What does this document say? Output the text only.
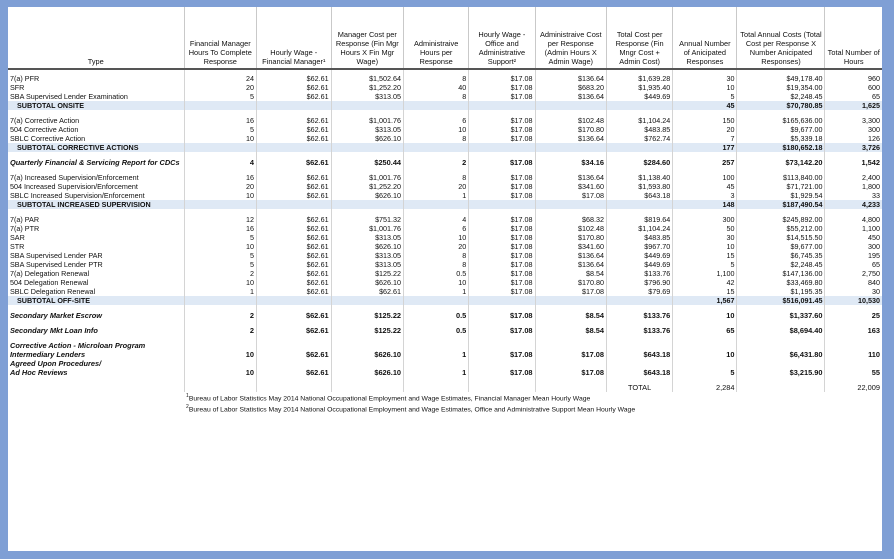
Type	Financial Manager Hours To Complete Response	Hourly Wage - Financial Manager¹	Manager Cost per Response (Fin Mgr Hours X Fin Mgr Wage)	Administraive Hours per Response	Hourly Wage - Office and Administrative Support²	Administraive Cost per Response (Admin Hours X Admin Wage)	Total Cost per Response (Fin Mngr Cost + Admin Cost)	Annual Number of Anicipated Responses	Total Annual Costs (Total Cost per Response X Number Anicipated Responses)	Total Number of Hours

7(a) PFR	24	$62.61	$1,502.64	8	$17.08	$136.64	$1,639.28	30	$49,178.40	960
SFR	20	$62.61	$1,252.20	40	$17.08	$683.20	$1,935.40	10	$19,354.00	600
SBA Supervised Lender Examination	5	$62.61	$313.05	8	$17.08	$136.64	$449.69	5	$2,248.45	65
SUBTOTAL ONSITE								45	$70,780.85	1,625

7(a) Corrective Action	16	$62.61	$1,001.76	6	$17.08	$102.48	$1,104.24	150	$165,636.00	3,300
504 Corrective Action	5	$62.61	$313.05	10	$17.08	$170.80	$483.85	20	$9,677.00	300
SBLC Corrective Action	10	$62.61	$626.10	8	$17.08	$136.64	$762.74	7	$5,339.18	126
SUBTOTAL CORRECTIVE ACTIONS								177	$180,652.18	3,726

Quarterly Financial & Servicing Report for CDCs	4	$62.61	$250.44	2	$17.08	$34.16	$284.60	257	$73,142.20	1,542

7(a) Increased Supervision/Enforcement	16	$62.61	$1,001.76	8	$17.08	$136.64	$1,138.40	100	$113,840.00	2,400
504 Increased Supervision/Enforcement	20	$62.61	$1,252.20	20	$17.08	$341.60	$1,593.80	45	$71,721.00	1,800
SBLC Increased Supervision/Enforcement	10	$62.61	$626.10	1	$17.08	$17.08	$643.18	3	$1,929.54	33
SUBTOTAL INCREASED SUPERVISION								148	$187,490.54	4,233

7(a) PAR	12	$62.61	$751.32	4	$17.08	$68.32	$819.64	300	$245,892.00	4,800
7(a) PTR	16	$62.61	$1,001.76	6	$17.08	$102.48	$1,104.24	50	$55,212.00	1,100
SAR	5	$62.61	$313.05	10	$17.08	$170.80	$483.85	30	$14,515.50	450
STR	10	$62.61	$626.10	20	$17.08	$341.60	$967.70	10	$9,677.00	300
SBA Supervised Lender PAR	5	$62.61	$313.05	8	$17.08	$136.64	$449.69	15	$6,745.35	195
SBA Supervised Lender PTR	5	$62.61	$313.05	8	$17.08	$136.64	$449.69	5	$2,248.45	65
7(a) Delegation Renewal	2	$62.61	$125.22	0.5	$17.08	$8.54	$133.76	1,100	$147,136.00	2,750
504 Delegation Renewal	10	$62.61	$626.10	10	$17.08	$170.80	$796.90	42	$33,469.80	840
SBLC Delegation Renewal	1	$62.61	$62.61	1	$17.08	$17.08	$79.69	15	$1,195.35	30
SUBTOTAL OFF-SITE								1,567	$516,091.45	10,530

Secondary Market Escrow	2	$62.61	$125.22	0.5	$17.08	$8.54	$133.76	10	$1,337.60	25

Secondary Mkt Loan Info	2	$62.61	$125.22	0.5	$17.08	$8.54	$133.76	65	$8,694.40	163

Corrective Action - Microloan Program										
Intermediary Lenders	10	$62.61	$626.10	1	$17.08	$17.08	$643.18	10	$6,431.80	110
Agreed Upon Procedures/										
Ad Hoc Reviews	10	$62.61	$626.10	1	$17.08	$17.08	$643.18	5	$3,215.90	55

							TOTAL	2,284		22,009
	$^1$Bureau of Labor Statistics May 2014 National Occupational Employment and Wage Estimates, Financial Manager Mean Hourly Wage									
	$^2$Bureau of Labor Statistics May 2014 National Occupational Employment and Wage Estimates, Office and Administrative Support Mean Hourly Wage									
